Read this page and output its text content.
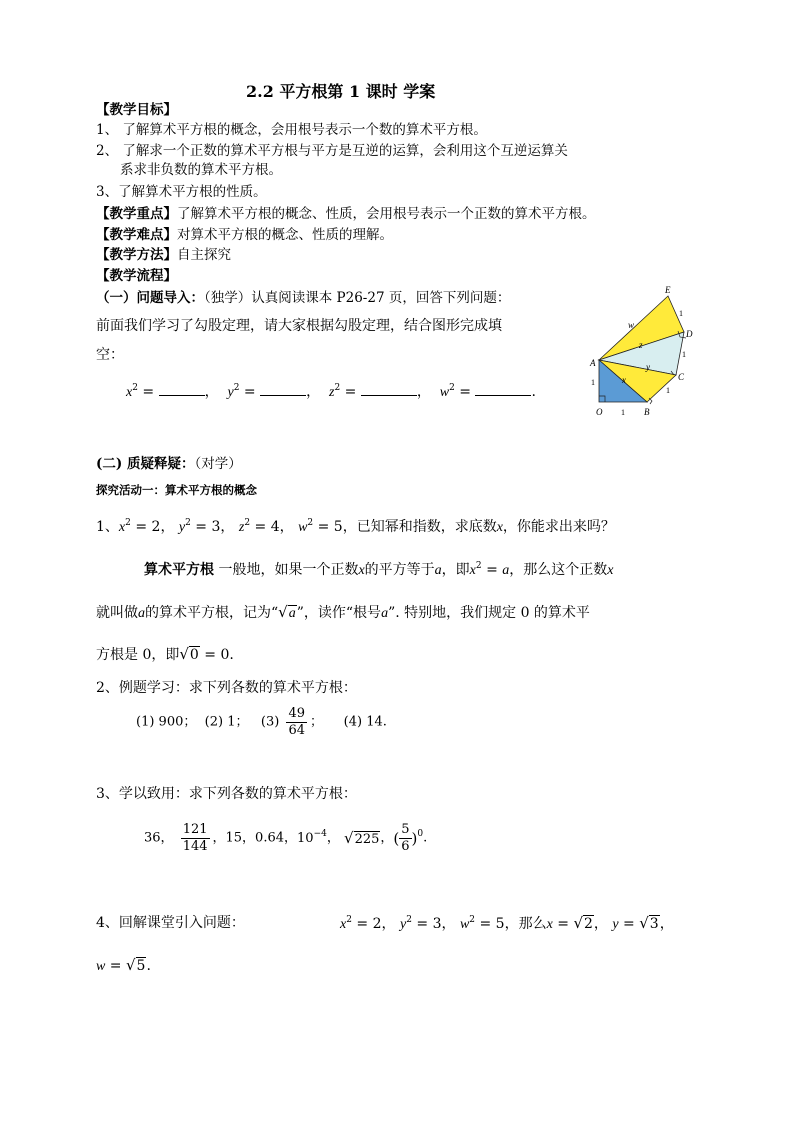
2.2 平方根第 1 课时 学案
【教学目标】
1、 了解算术平方根的概念，会用根号表示一个数的算术平方根。
2、 了解求一个正数的算术平方根与平方是互逆的运算，会利用这个互逆运算关
系求非负数的算术平方根。
3、了解算术平方根的性质。
【教学重点】了解算术平方根的概念、性质，会用根号表示一个正数的算术平方根。
【教学难点】对算术平方根的概念、性质的理解。
【教学方法】自主探究
【教学流程】
（一）问题导入：（独学）认真阅读课本 P26-27 页，回答下列问题：
前面我们学习了勾股定理，请大家根据勾股定理，结合图形完成填
空：
$x^2$ =	， $y^2$ =	， $z^2$ =	， $w^2$ =	.
E
D
C
A
O	B
w
z
y
x
1
1
1
1
1
(二) 质疑释疑：（对学）
探究活动一：算术平方根的概念
1、$x^2 = 2$， $y^2 = 3$， $z^2 = 4$， $w^2 = 5$，已知幂和指数，求底数x，你能求出来吗？
算术平方根 一般地，如果一个正数x的平方等于a，即$x^2 = a$，那么这个正数x
就叫做a的算术平方根，记为“√a”，读作“根号a”. 特别地，我们规定 0 的算术平
方根是 0，即√0 = 0.
2、例题学习：求下列各数的算术平方根：
(1) 900； (2) 1； $(3) \frac{49}{64}$ ； (4) 14.
3、学以致用：求下列各数的算术平方根：
36， $\frac{121}{144}$ ，15，0.64，$10^{-4}$， √225，( $\frac{5}{6} )^0$.
4、回解课堂引入问题：	$x^2 = 2$， $y^2 = 3$， $w^2 = 5$，那么x = √2， y = √3，
w = √5.
